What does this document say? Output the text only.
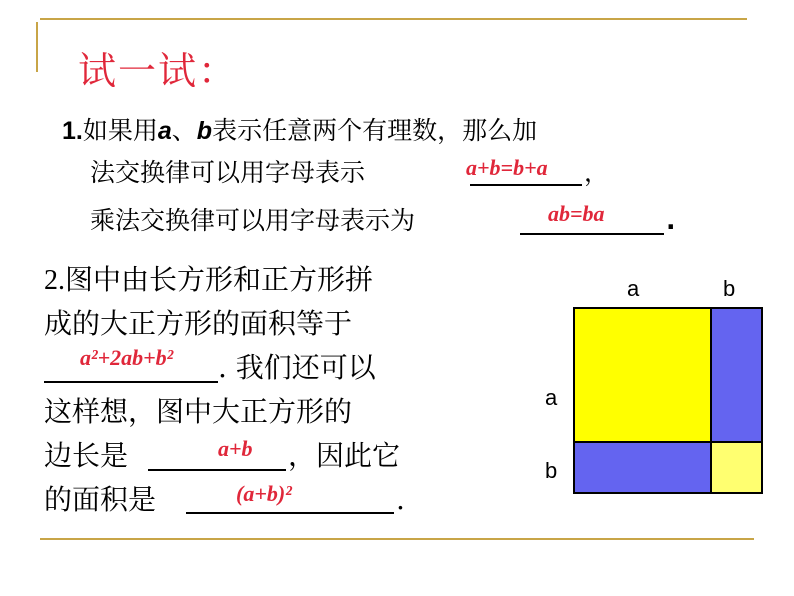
试一试：
1.如果用a、b表示任意两个有理数，那么加
法交换律可以用字母表示	a+b=b+a ，
乘法交换律可以用字母表示为	ab=ba .
2.图中由长方形和正方形拼
成的大正方形的面积等于
a²+2ab+b² . 我们还可以
这样想，图中大正方形的
边长是	a+b ，因此它
的面积是	(a+b)²	.
a	b
a
b
